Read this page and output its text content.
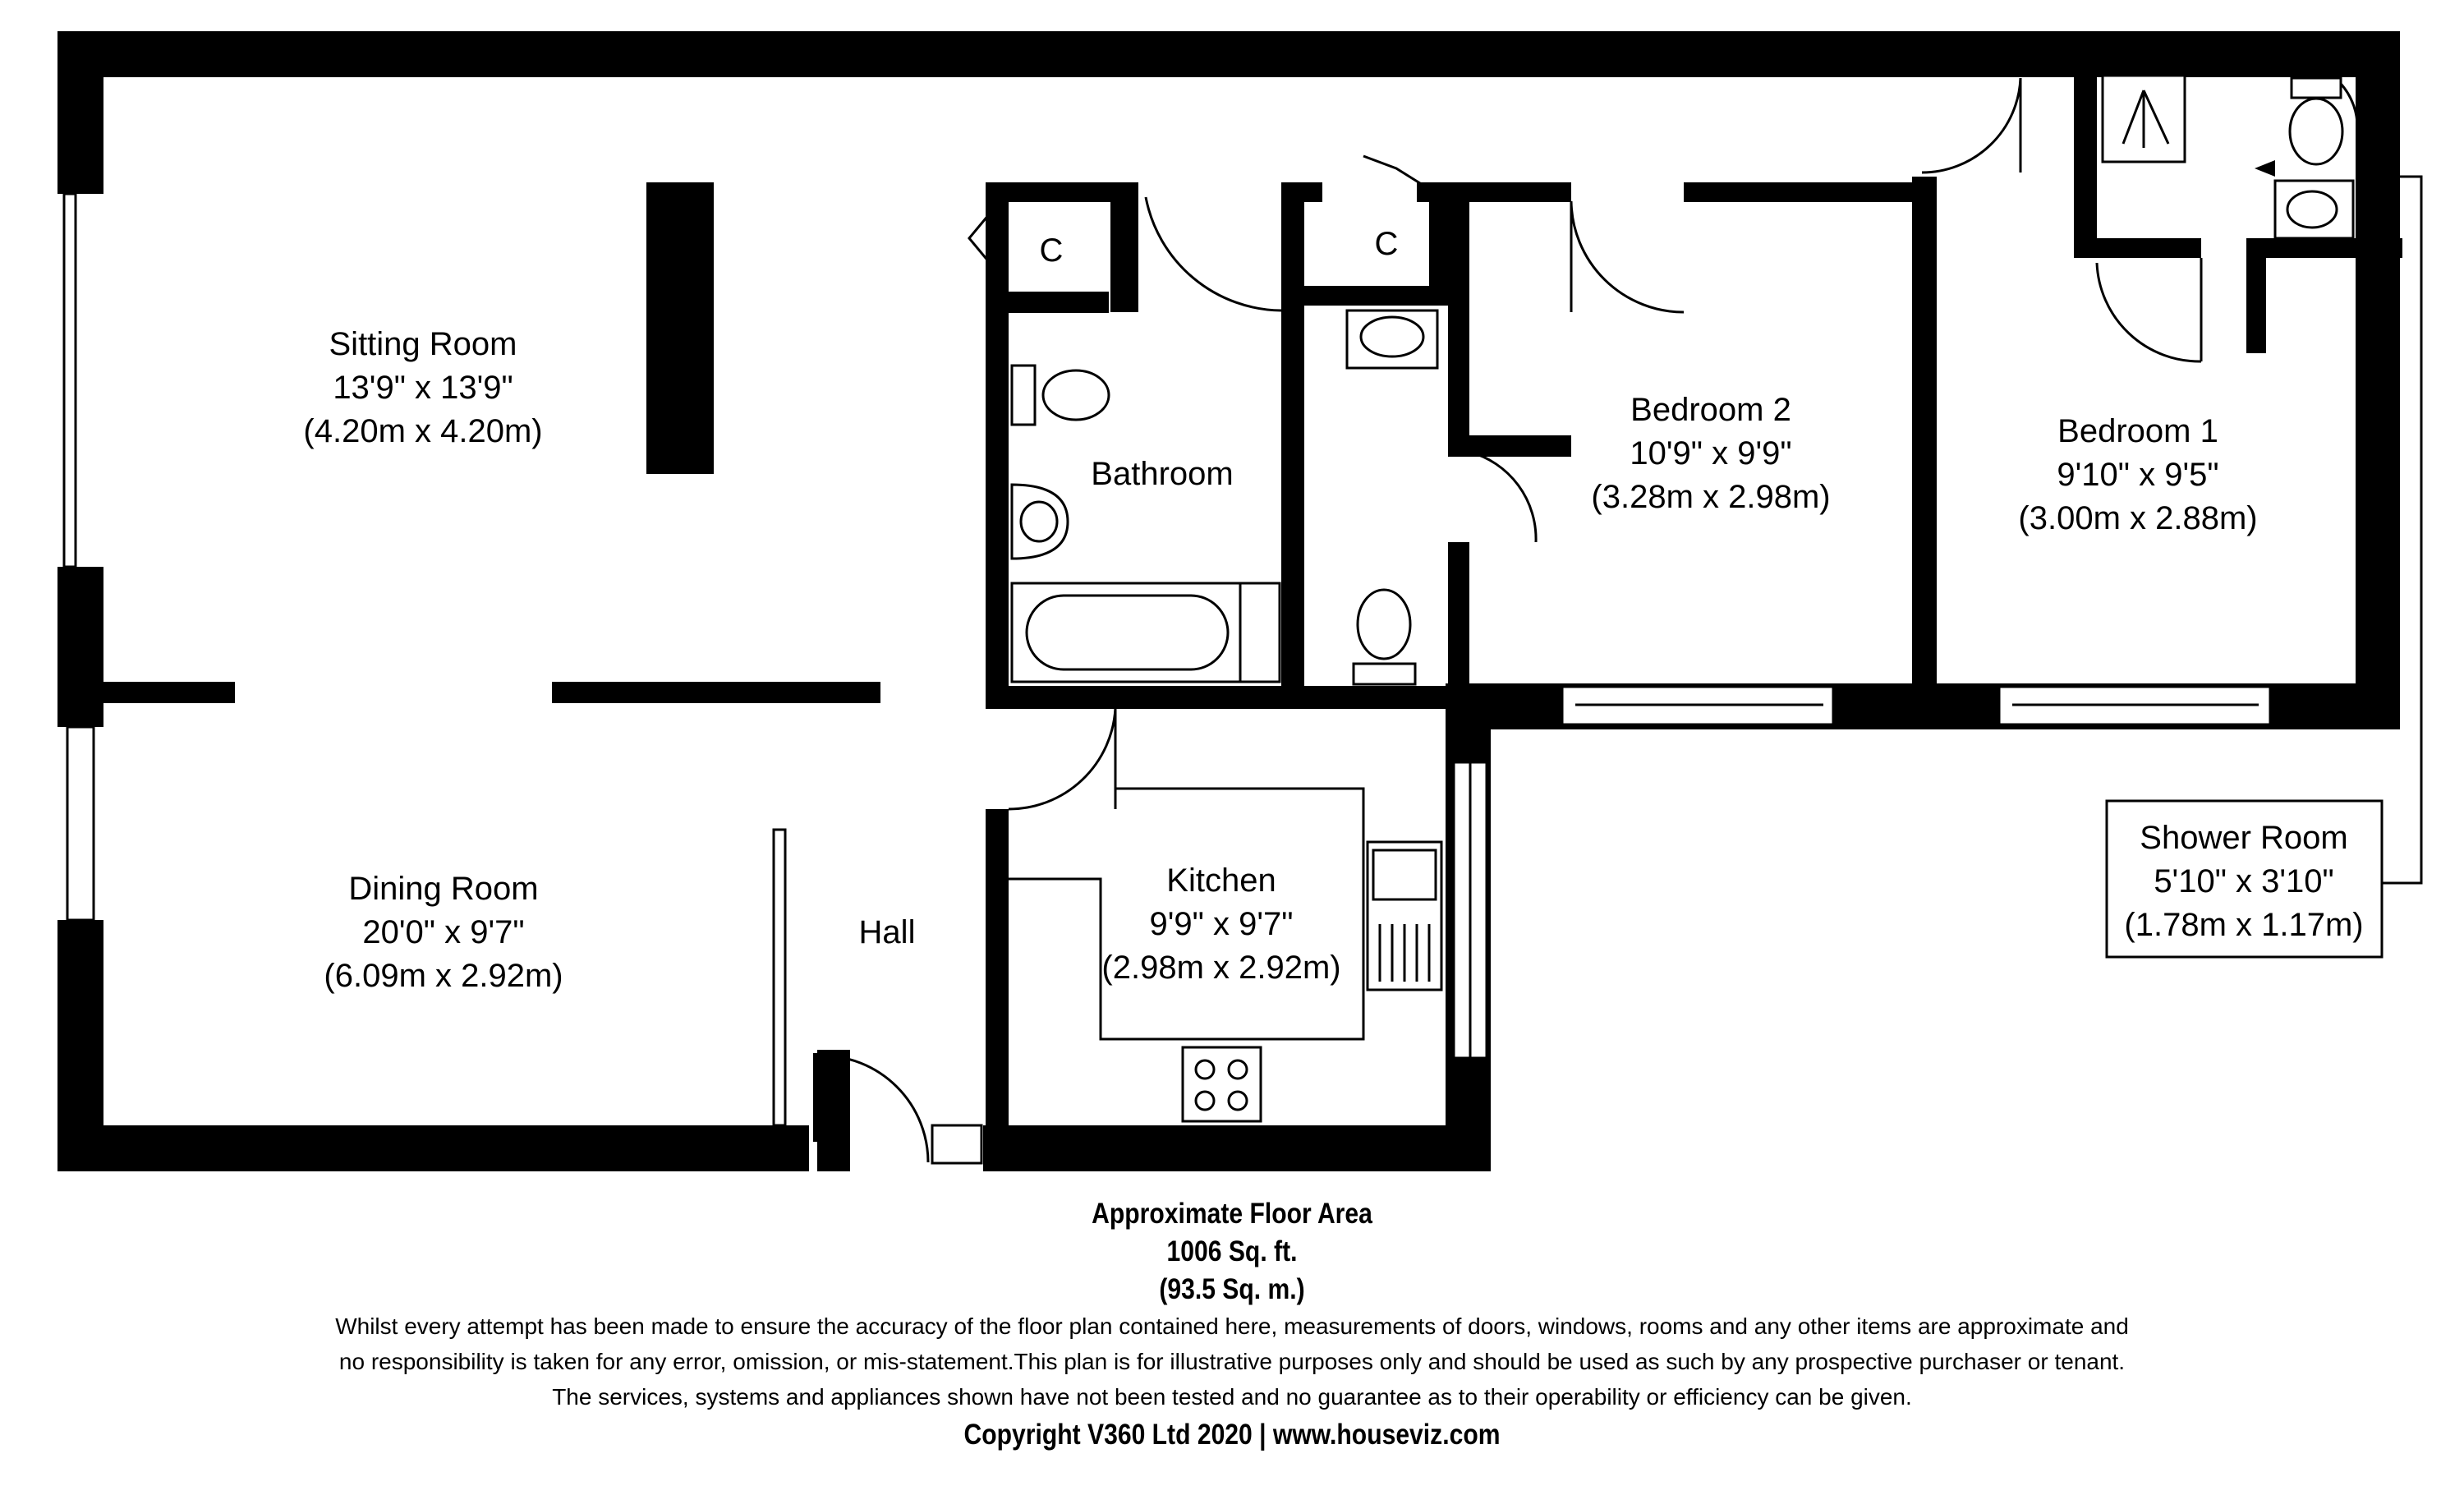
Sitting Room
13'9" x 13'9"
(4.20m x 4.20m)
Dining Room
20'0" x 9'7"
(6.09m x 2.92m)
Hall
Bathroom
Kitchen
9'9" x 9'7"
(2.98m x 2.92m)
Bedroom 2
10'9" x 9'9"
(3.28m x 2.98m)
Bedroom 1
9'10" x 9'5"
(3.00m x 2.88m)
Shower Room
5'10" x 3'10"
(1.78m x 1.17m)
C	C
Approximate Floor Area
1006 Sq. ft.
(93.5 Sq. m.)
Whilst every attempt has been made to ensure the accuracy of the floor plan contained here, measurements of doors, windows, rooms and any other items are approximate and
no responsibility is taken for any error, omission, or mis-statement.This plan is for illustrative purposes only and should be used as such by any prospective purchaser or tenant.
The services, systems and appliances shown have not been tested and no guarantee as to their operability or efficiency can be given.
Copyright V360 Ltd 2020 | www.houseviz.com
